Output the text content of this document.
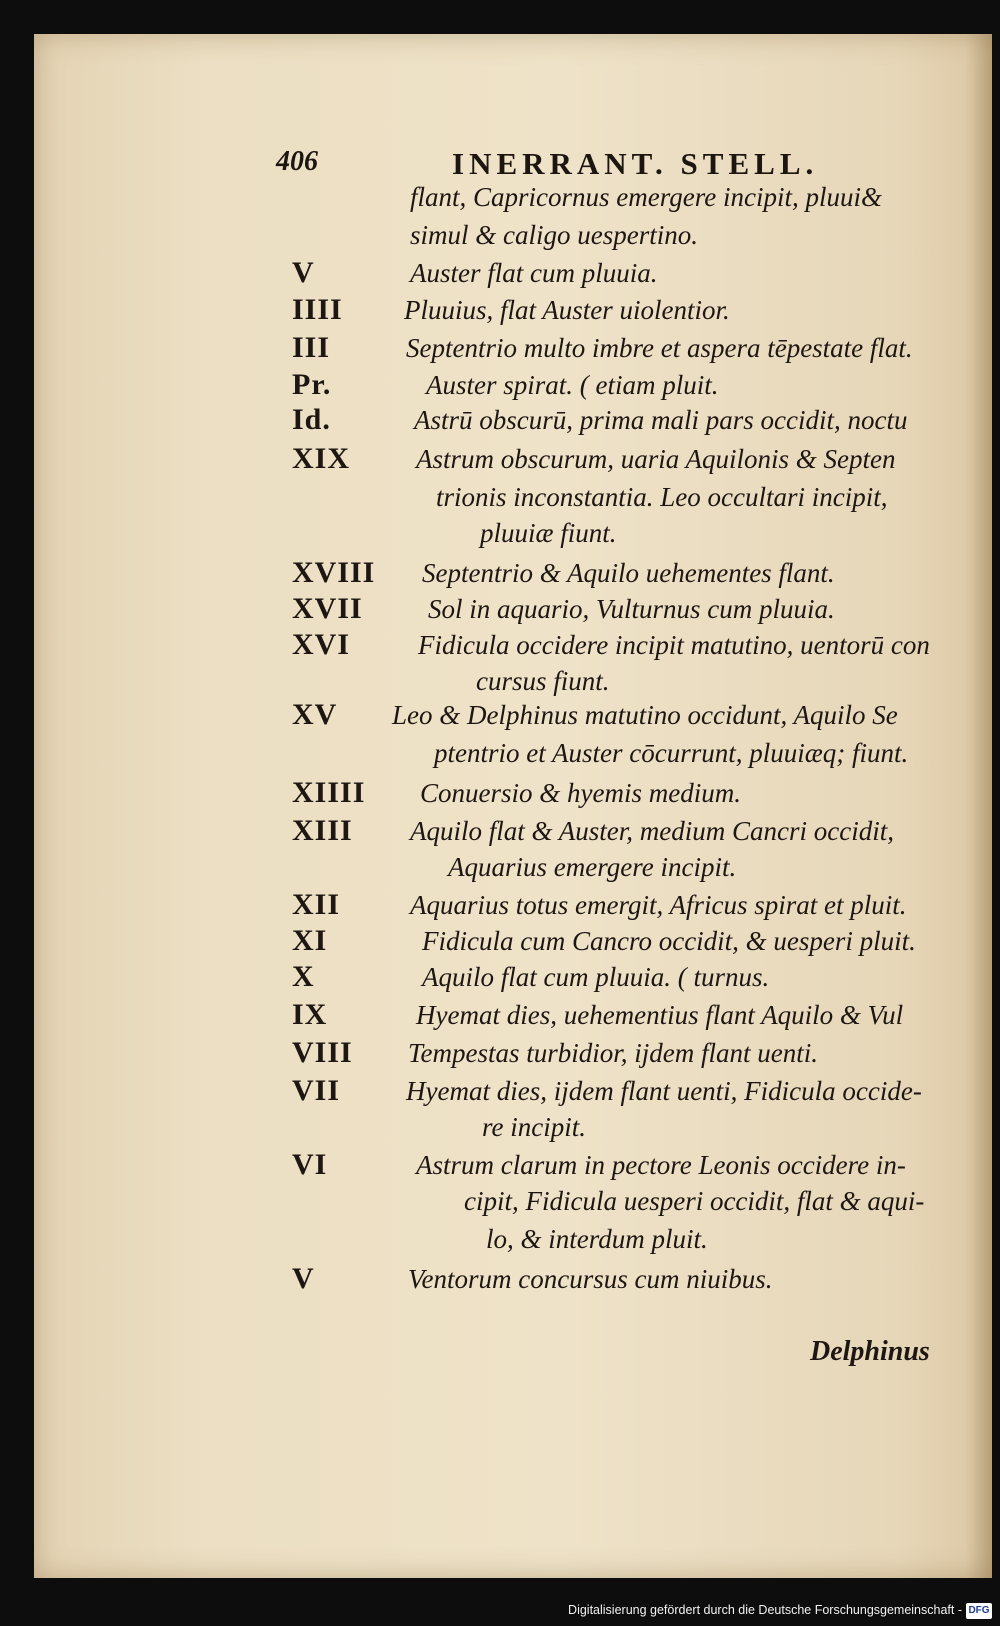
406	INERRANT. STELL.
flant, Capricornus emergere incipit, pluui&
simul & caligo uespertino.
V	Auster flat cum pluuia.
IIII	Pluuius, flat Auster uiolentior.
III	Septentrio multo imbre et aspera tēpestate flat.
Pr.	Auster spirat. ( etiam pluit.
Id.	Astrū obscurū, prima mali pars occidit, noctu
XIX	Astrum obscurum, uaria Aquilonis & Septen
trionis inconstantia. Leo occultari incipit,
pluuiæ fiunt.
XVIII	Septentrio & Aquilo uehementes flant.
XVII	Sol in aquario, Vulturnus cum pluuia.
XVI	Fidicula occidere incipit matutino, uentorū con
cursus fiunt.
XV	Leo & Delphinus matutino occidunt, Aquilo Se
ptentrio et Auster cōcurrunt, pluuiæq; fiunt.
XIIII	Conuersio & hyemis medium.
XIII	Aquilo flat & Auster, medium Cancri occidit,
Aquarius emergere incipit.
XII	Aquarius totus emergit, Africus spirat et pluit.
XI	Fidicula cum Cancro occidit, & uesperi pluit.
X	Aquilo flat cum pluuia. ( turnus.
IX	Hyemat dies, uehementius flant Aquilo & Vul
VIII	Tempestas turbidior, ijdem flant uenti.
VII	Hyemat dies, ijdem flant uenti, Fidicula occide-
re incipit.
VI	Astrum clarum in pectore Leonis occidere in-
cipit, Fidicula uesperi occidit, flat & aqui-
lo, & interdum pluit.
V	Ventorum concursus cum niuibus.
Delphinus
Digitalisierung gefördert durch die Deutsche Forschungsgemeinschaft - DFG
